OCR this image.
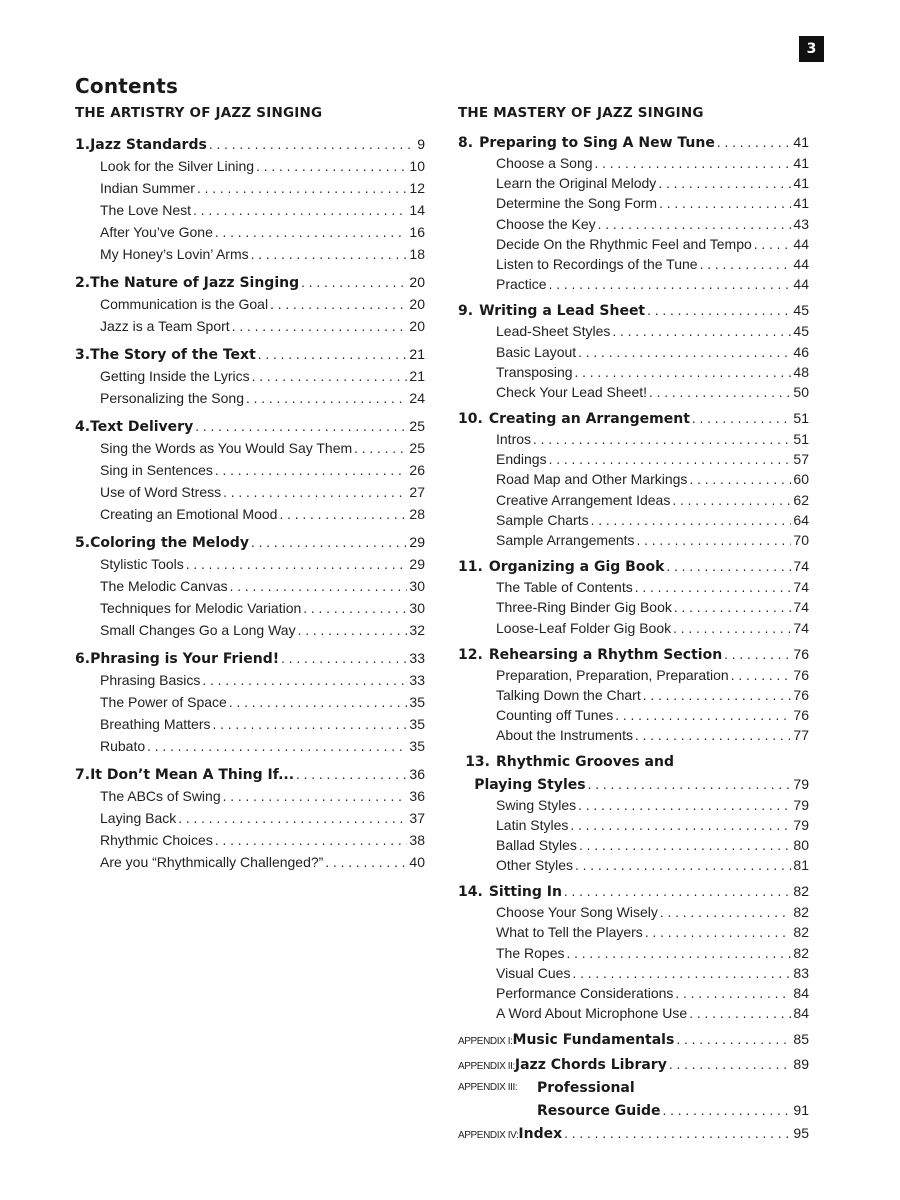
3
Contents
THE ARTISTRY OF JAZZ SINGING
1. Jazz Standards . . .	9
Look for the Silver Lining . . .	10
Indian Summer . . .	12
The Love Nest . . .	14
After You’ve Gone . . .	16
My Honey’s Lovin’ Arms . . .	18
2. The Nature of Jazz Singing . . .	20
Communication is the Goal . . .	20
Jazz is a Team Sport . . .	20
3. The Story of the Text . . .	21
Getting Inside the Lyrics . . .	21
Personalizing the Song . . .	24
4. Text Delivery . . .	25
Sing the Words as You Would Say Them . . .	25
Sing in Sentences . . .	26
Use of Word Stress . . .	27
Creating an Emotional Mood . . .	28
5. Coloring the Melody . . .	29
Stylistic Tools . . .	29
The Melodic Canvas . . .	30
Techniques for Melodic Variation . . .	30
Small Changes Go a Long Way . . .	32
6. Phrasing is Your Friend! . . .	33
Phrasing Basics . . .	33
The Power of Space . . .	35
Breathing Matters . . .	35
Rubato . . .	35
7. It Don’t Mean A Thing If... . . .	36
The ABCs of Swing . . .	36
Laying Back . . .	37
Rhythmic Choices . . .	38
Are you “Rhythmically Challenged?” . . .	40
THE MASTERY OF JAZZ SINGING
8. Preparing to Sing A New Tune . . .	41
Choose a Song . . .	41
Learn the Original Melody . . .	41
Determine the Song Form . . .	41
Choose the Key . . .	43
Decide On the Rhythmic Feel and Tempo . . .	44
Listen to Recordings of the Tune . . .	44
Practice . . .	44
9. Writing a Lead Sheet . . .	45
Lead-Sheet Styles . . .	45
Basic Layout . . .	46
Transposing . . .	48
Check Your Lead Sheet! . . .	50
10. Creating an Arrangement . . .	51
Intros . . .	51
Endings . . .	57
Road Map and Other Markings . . .	60
Creative Arrangement Ideas . . .	62
Sample Charts . . .	64
Sample Arrangements . . .	70
11. Organizing a Gig Book . . .	74
The Table of Contents . . .	74
Three-Ring Binder Gig Book . . .	74
Loose-Leaf Folder Gig Book . . .	74
12. Rehearsing a Rhythm Section . . .	76
Preparation, Preparation, Preparation . . .	76
Talking Down the Chart . . .	76
Counting off Tunes . . .	76
About the Instruments . . .	77
13. Rhythmic Grooves and
Playing Styles . . .	79
Swing Styles . . .	79
Latin Styles . . .	79
Ballad Styles . . .	80
Other Styles . . .	81
14. Sitting In . . .	82
Choose Your Song Wisely . . .	82
What to Tell the Players . . .	82
The Ropes . . .	82
Visual Cues . . .	83
Performance Considerations . . .	84
A Word About Microphone Use . . .	84
APPENDIX I: Music Fundamentals . . .	85
APPENDIX II: Jazz Chords Library . . .	89
APPENDIX III:	Professional
Resource Guide . . .	91
APPENDIX IV: Index . . .	95
